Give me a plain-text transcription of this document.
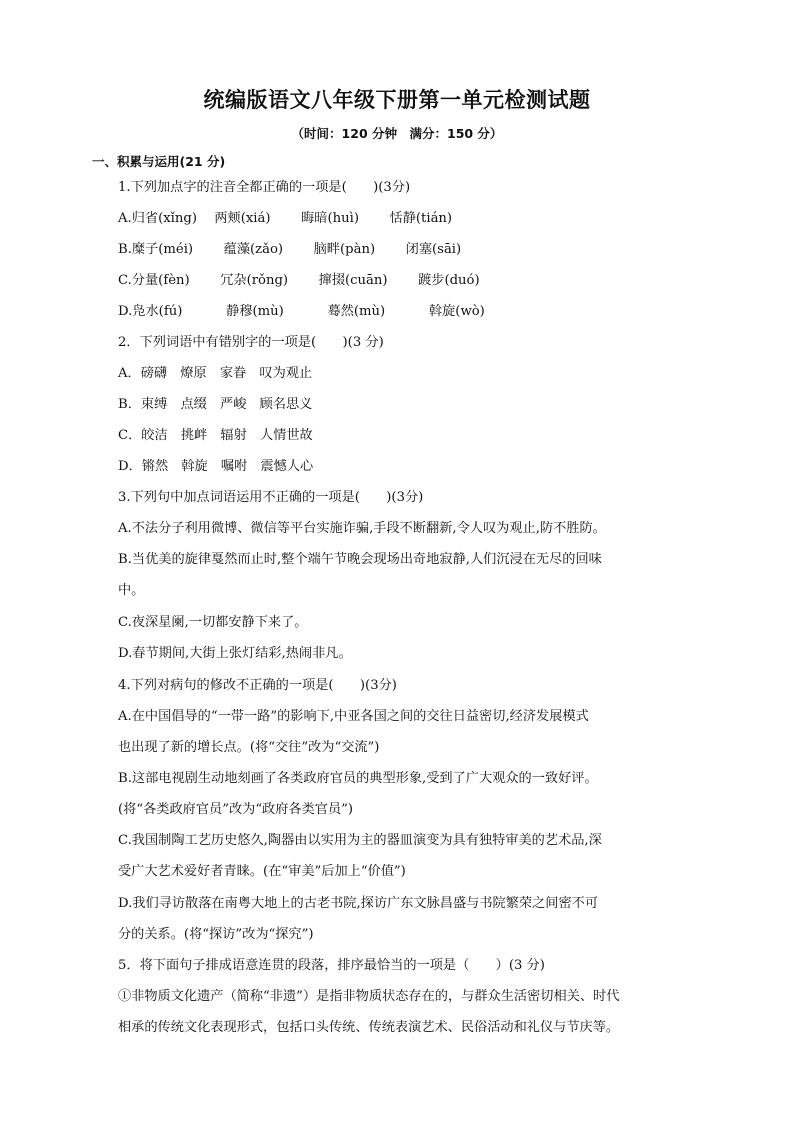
统编版语文八年级下册第一单元检测试题
（时间：120 分钟　满分：150 分）
一、积累与运用(21 分)
1.下列加点字的注音全都正确的一项是(　　)(3分)
A.归省(xǐng)　 两颊(xiá)　　 晦暗(huì)　　 恬静(tián)
B.糜子(méi)　　 蕴藻(zǎo)　　 脑畔(pàn)　　 闭塞(sāi)
C.分量(fèn)　　 冗杂(rǒng)　　 撺掇(cuān)　　 踱步(duó)
D.凫水(fú)　　　 静穆(mù)　　　 蓦然(mù)　　　 斡旋(wò)
2．下列词语中有错别字的一项是(　　)(3 分)
A．磅礴　燎原　家眷　叹为观止
B．束缚　点缀　严峻　顾名思义
C．皎洁　挑衅　辐射　人情世故
D．锵然　斡旋　嘱咐　震憾人心
3.下列句中加点词语运用不正确的一项是(　　)(3分)
A.不法分子利用微博、微信等平台实施诈骗,手段不断翻新,令人叹为观止,防不胜防。
B.当优美的旋律戛然而止时,整个端午节晚会现场出奇地寂静,人们沉浸在无尽的回味
中。
C.夜深星阑,一切都安静下来了。
D.春节期间,大街上张灯结彩,热闹非凡。
4.下列对病句的修改不正确的一项是(　　)(3分)
A.在中国倡导的“一带一路”的影响下,中亚各国之间的交往日益密切,经济发展模式
也出现了新的增长点。(将“交往”改为“交流”)
B.这部电视剧生动地刻画了各类政府官员的典型形象,受到了广大观众的一致好评。
(将“各类政府官员”改为“政府各类官员”)
C.我国制陶工艺历史悠久,陶器由以实用为主的器皿演变为具有独特审美的艺术品,深
受广大艺术爱好者青睐。(在“审美”后加上“价值”)
D.我们寻访散落在南粤大地上的古老书院,探访广东文脉昌盛与书院繁荣之间密不可
分的关系。(将“探访”改为“探究”)
5．将下面句子排成语意连贯的段落，排序最恰当的一项是（　　）(3 分)
①非物质文化遗产（简称“非遗”）是指非物质状态存在的，与群众生活密切相关、时代
相承的传统文化表现形式，包括口头传统、传统表演艺术、民俗活动和礼仪与节庆等。
